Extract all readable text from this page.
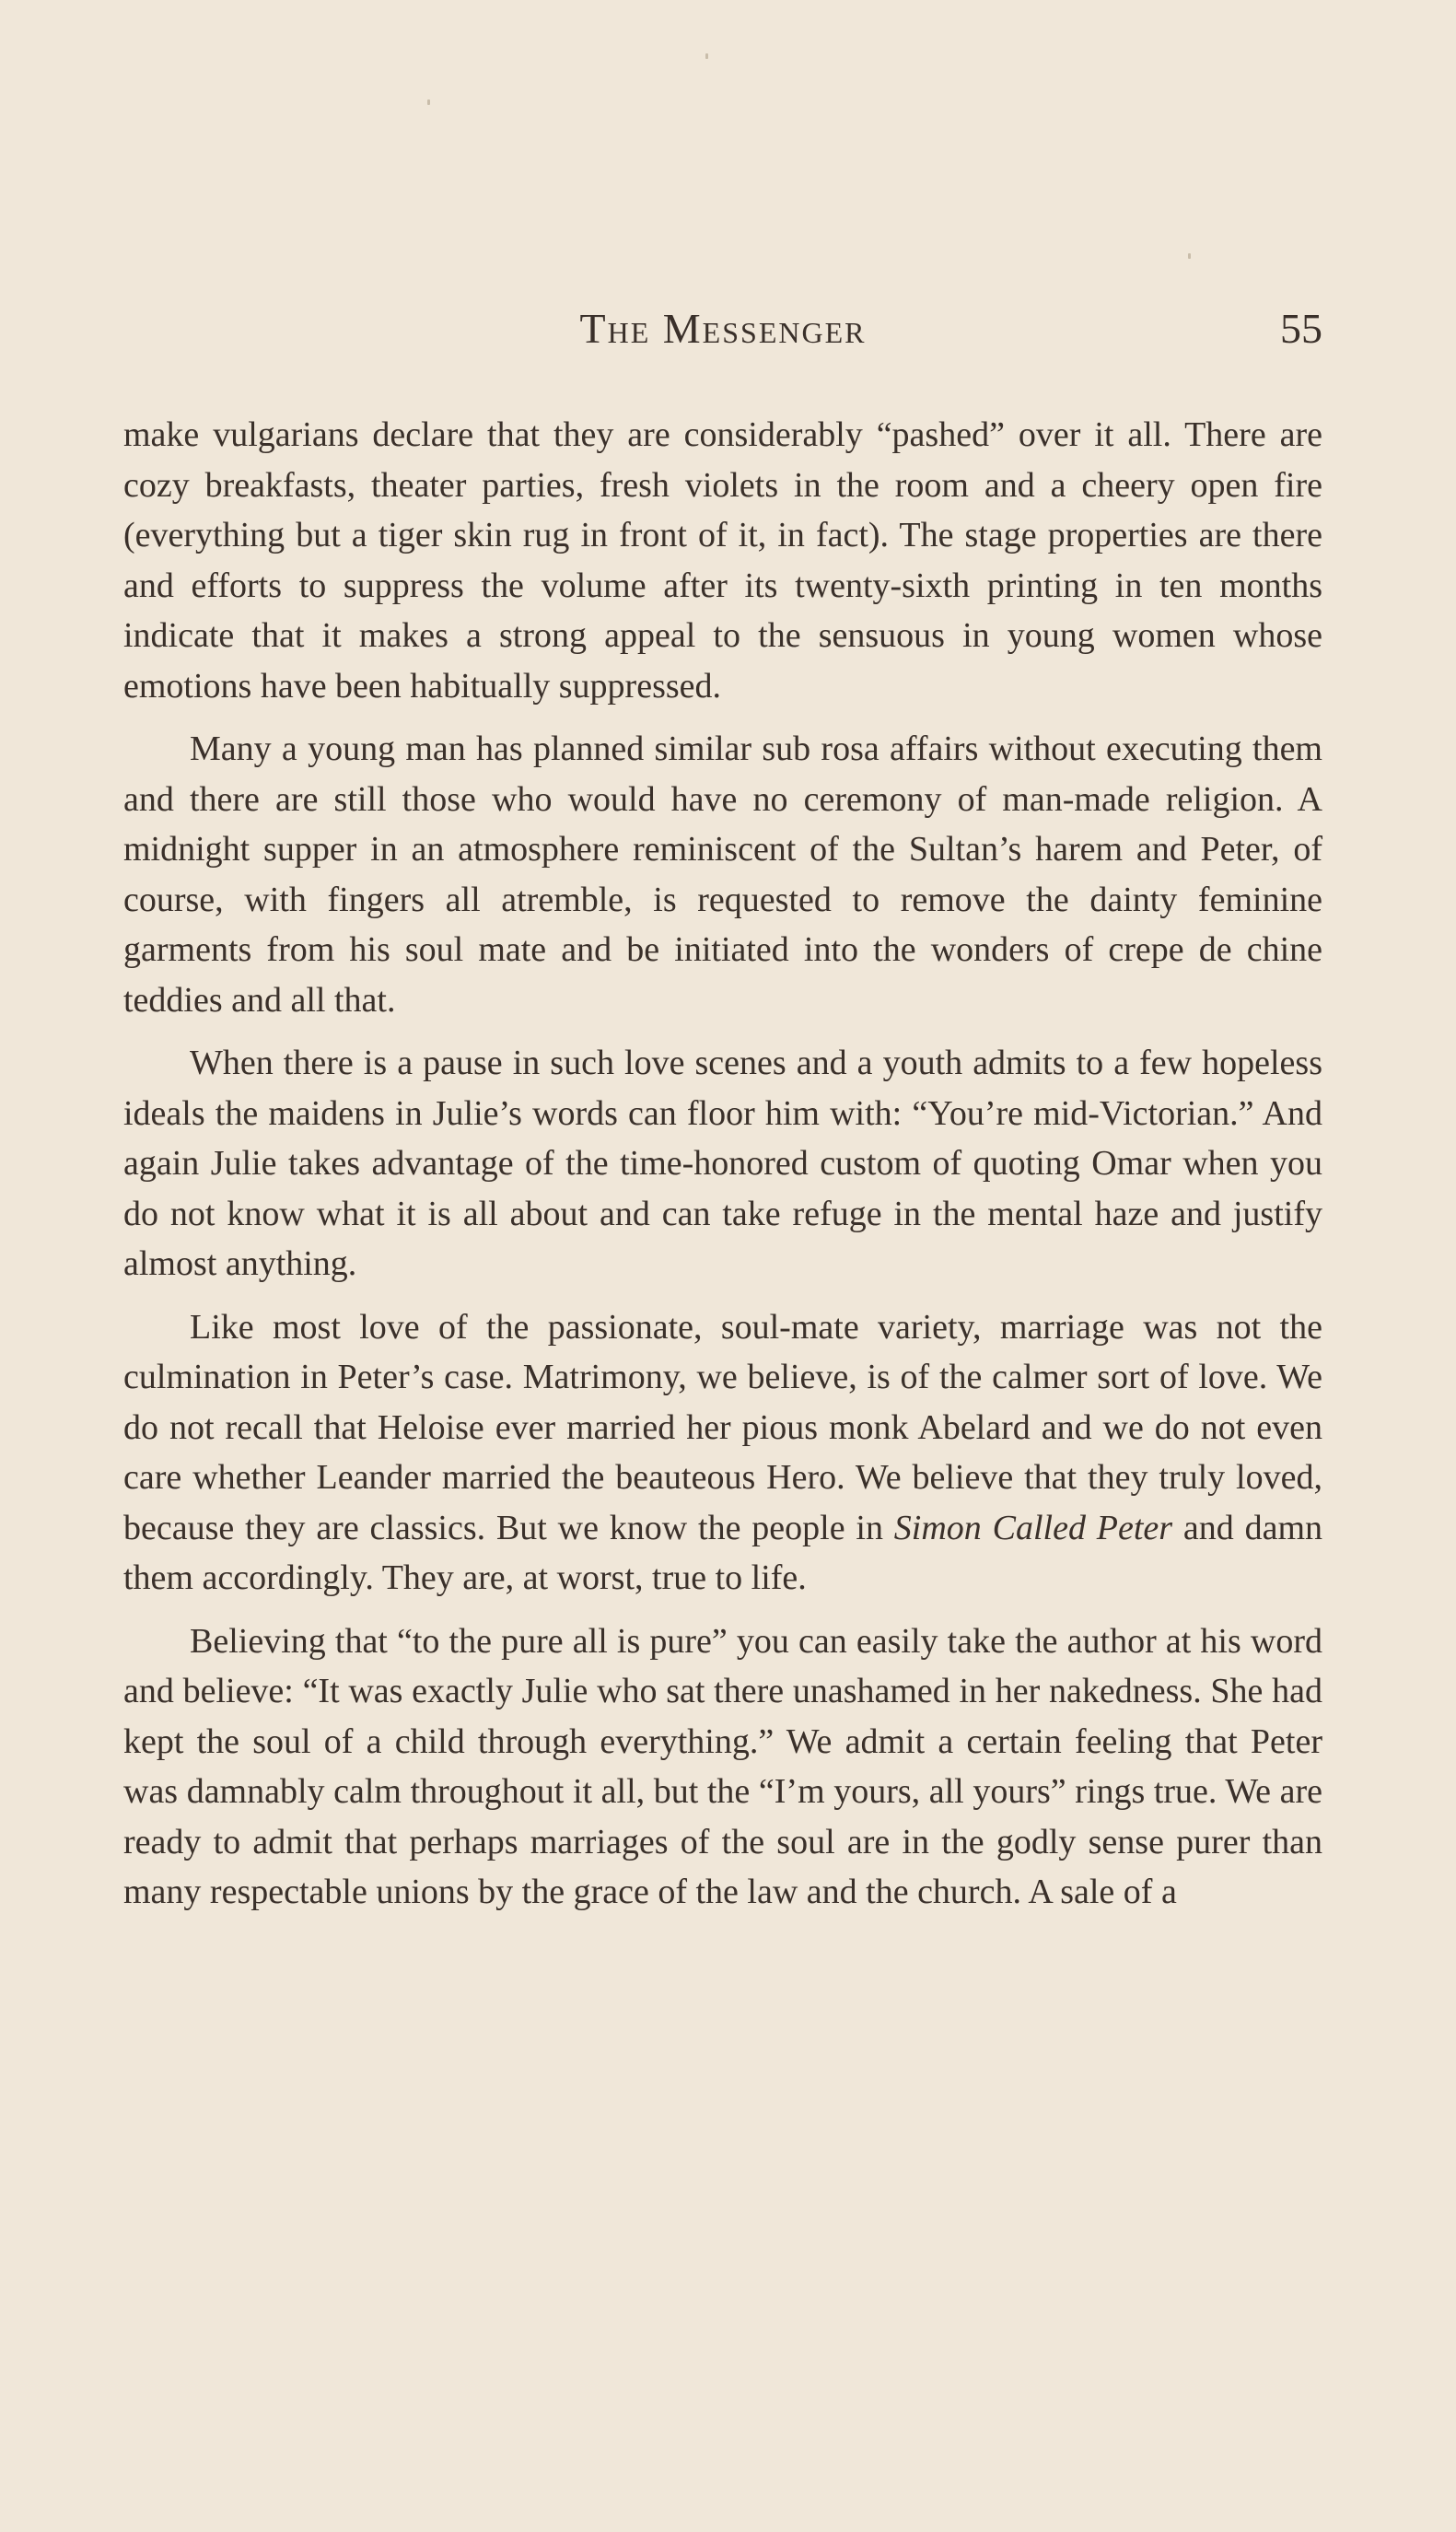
The Messenger	55

make vulgarians declare that they are considerably “pashed” over it all. There are cozy breakfasts, theater parties, fresh violets in the room and a cheery open fire (everything but a tiger skin rug in front of it, in fact). The stage properties are there and efforts to suppress the volume after its twenty-sixth printing in ten months indicate that it makes a strong appeal to the sensuous in young women whose emotions have been habitually suppressed.

Many a young man has planned similar sub rosa affairs without executing them and there are still those who would have no ceremony of man-made religion. A midnight supper in an atmosphere reminiscent of the Sultan’s harem and Peter, of course, with fingers all atremble, is requested to remove the dainty feminine garments from his soul mate and be initiated into the wonders of crepe de chine teddies and all that.

When there is a pause in such love scenes and a youth admits to a few hopeless ideals the maidens in Julie’s words can floor him with: “You’re mid-Victorian.” And again Julie takes advantage of the time-honored custom of quoting Omar when you do not know what it is all about and can take refuge in the mental haze and justify almost anything.

Like most love of the passionate, soul-mate variety, marriage was not the culmination in Peter’s case. Matrimony, we believe, is of the calmer sort of love. We do not recall that Heloise ever married her pious monk Abelard and we do not even care whether Leander married the beauteous Hero. We believe that they truly loved, because they are classics. But we know the people in Simon Called Peter and damn them accordingly. They are, at worst, true to life.

Believing that “to the pure all is pure” you can easily take the author at his word and believe: “It was exactly Julie who sat there unashamed in her nakedness. She had kept the soul of a child through everything.” We admit a certain feeling that Peter was damnably calm throughout it all, but the “I’m yours, all yours” rings true. We are ready to admit that perhaps marriages of the soul are in the godly sense purer than many respectable unions by the grace of the law and the church. A sale of a
